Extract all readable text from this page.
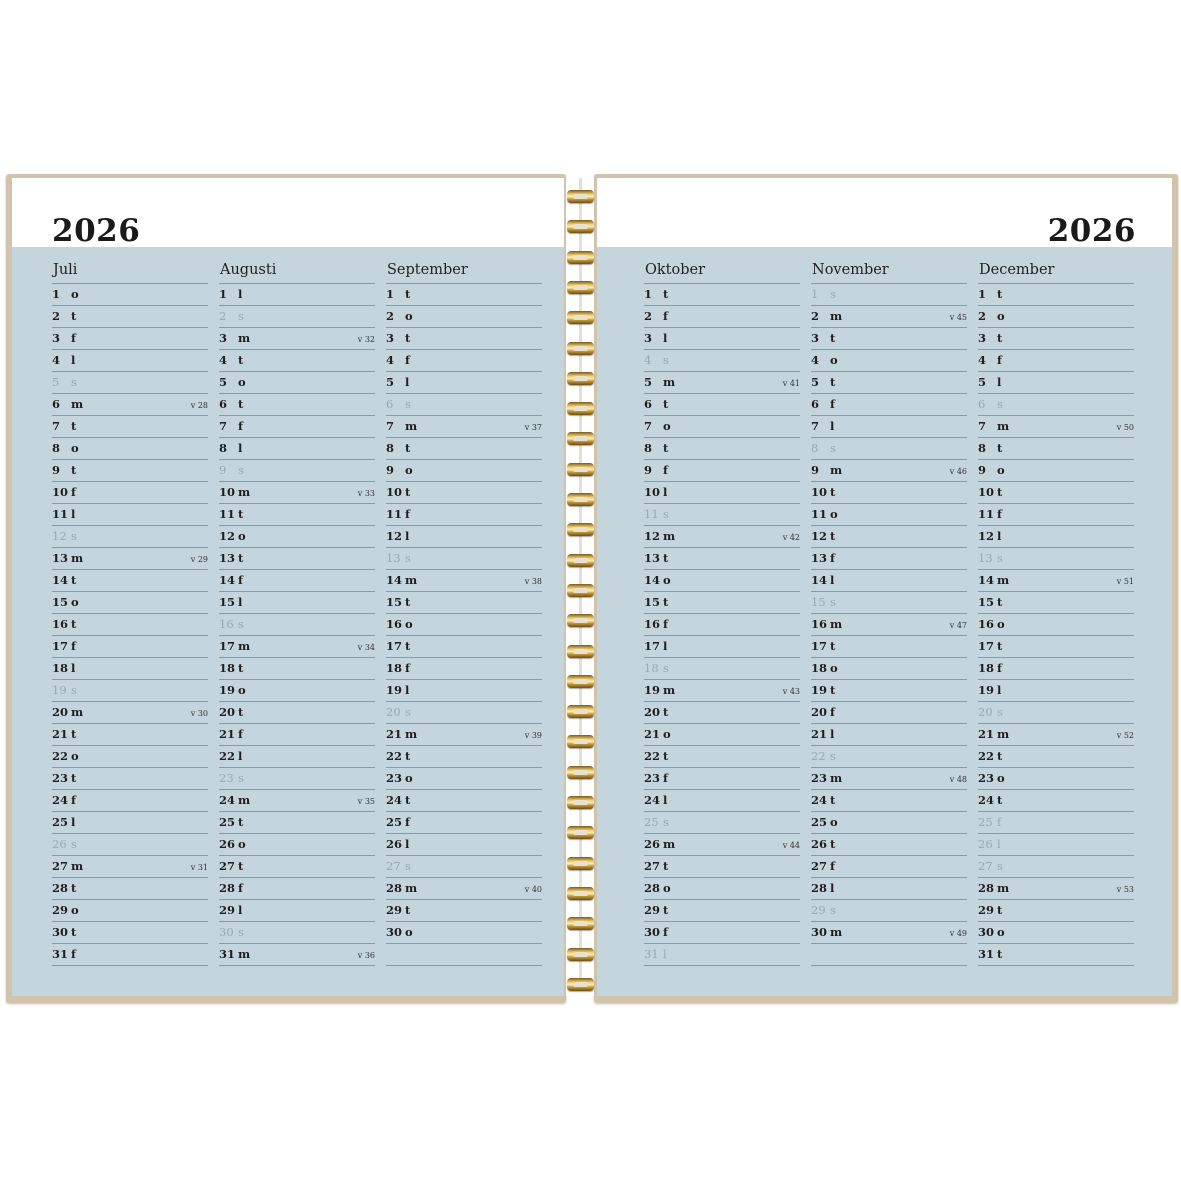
2026
Juli
1 o
2 t
3 f
4 l
5	s
6 m	v 28
7 t
8 o
9 t
10 f
11 l
12 s
13 m	v 29
14 t
15 o
16 t
17 f
18 l
19 s
20 m	v 30
21 t
22 o
23 t
24 f
25 l
26 s
27 m	v 31
28 t
29 o
30 t
31 f
Augusti
1 l
2	s
3 m	v 32
4 t
5 o
6 t
7 f
8 l
9	s
10 m	v 33
11 t
12 o
13 t
14 f
15 l
16 s
17 m	v 34
18 t
19 o
20 t
21 f
22 l
23 s
24 m	v 35
25 t
26 o
27 t
28 f
29 l
30 s
31 m	v 36
September
1 t
2 o
3 t
4 f
5 l
6	s
7 m	v 37
8 t
9 o
10 t
11 f
12 l
13 s
14 m	v 38
15 t
16 o
17 t
18 f
19 l
20 s
21 m	v 39
22 t
23 o
24 t
25 f
26 l
27 s
28 m	v 40
29 t
30 o
2026
Oktober
1 t
2 f
3 l
4	s
5 m	v 41
6 t
7 o
8 t
9 f
10 l
11 s
12 m	v 42
13 t
14 o
15 t
16 f
17 l
18 s
19 m	v 43
20 t
21 o
22 t
23 f
24 l
25 s
26 m	v 44
27 t
28 o
29 t
30 f
31 l
November
1	s
2 m	v 45
3 t
4 o
5 t
6 f
7 l
8	s
9 m	v 46
10 t
11 o
12 t
13 f
14 l
15 s
16 m	v 47
17 t
18 o
19 t
20 f
21 l
22 s
23 m	v 48
24 t
25 o
26 t
27 f
28 l
29 s
30 m	v 49
December
1 t
2 o
3 t
4 f
5 l
6	s
7 m	v 50
8 t
9 o
10 t
11 f
12 l
13 s
14 m	v 51
15 t
16 o
17 t
18 f
19 l
20 s
21 m	v 52
22 t
23 o
24 t
25 f
26 l
27 s
28 m	v 53
29 t
30 o
31 t
